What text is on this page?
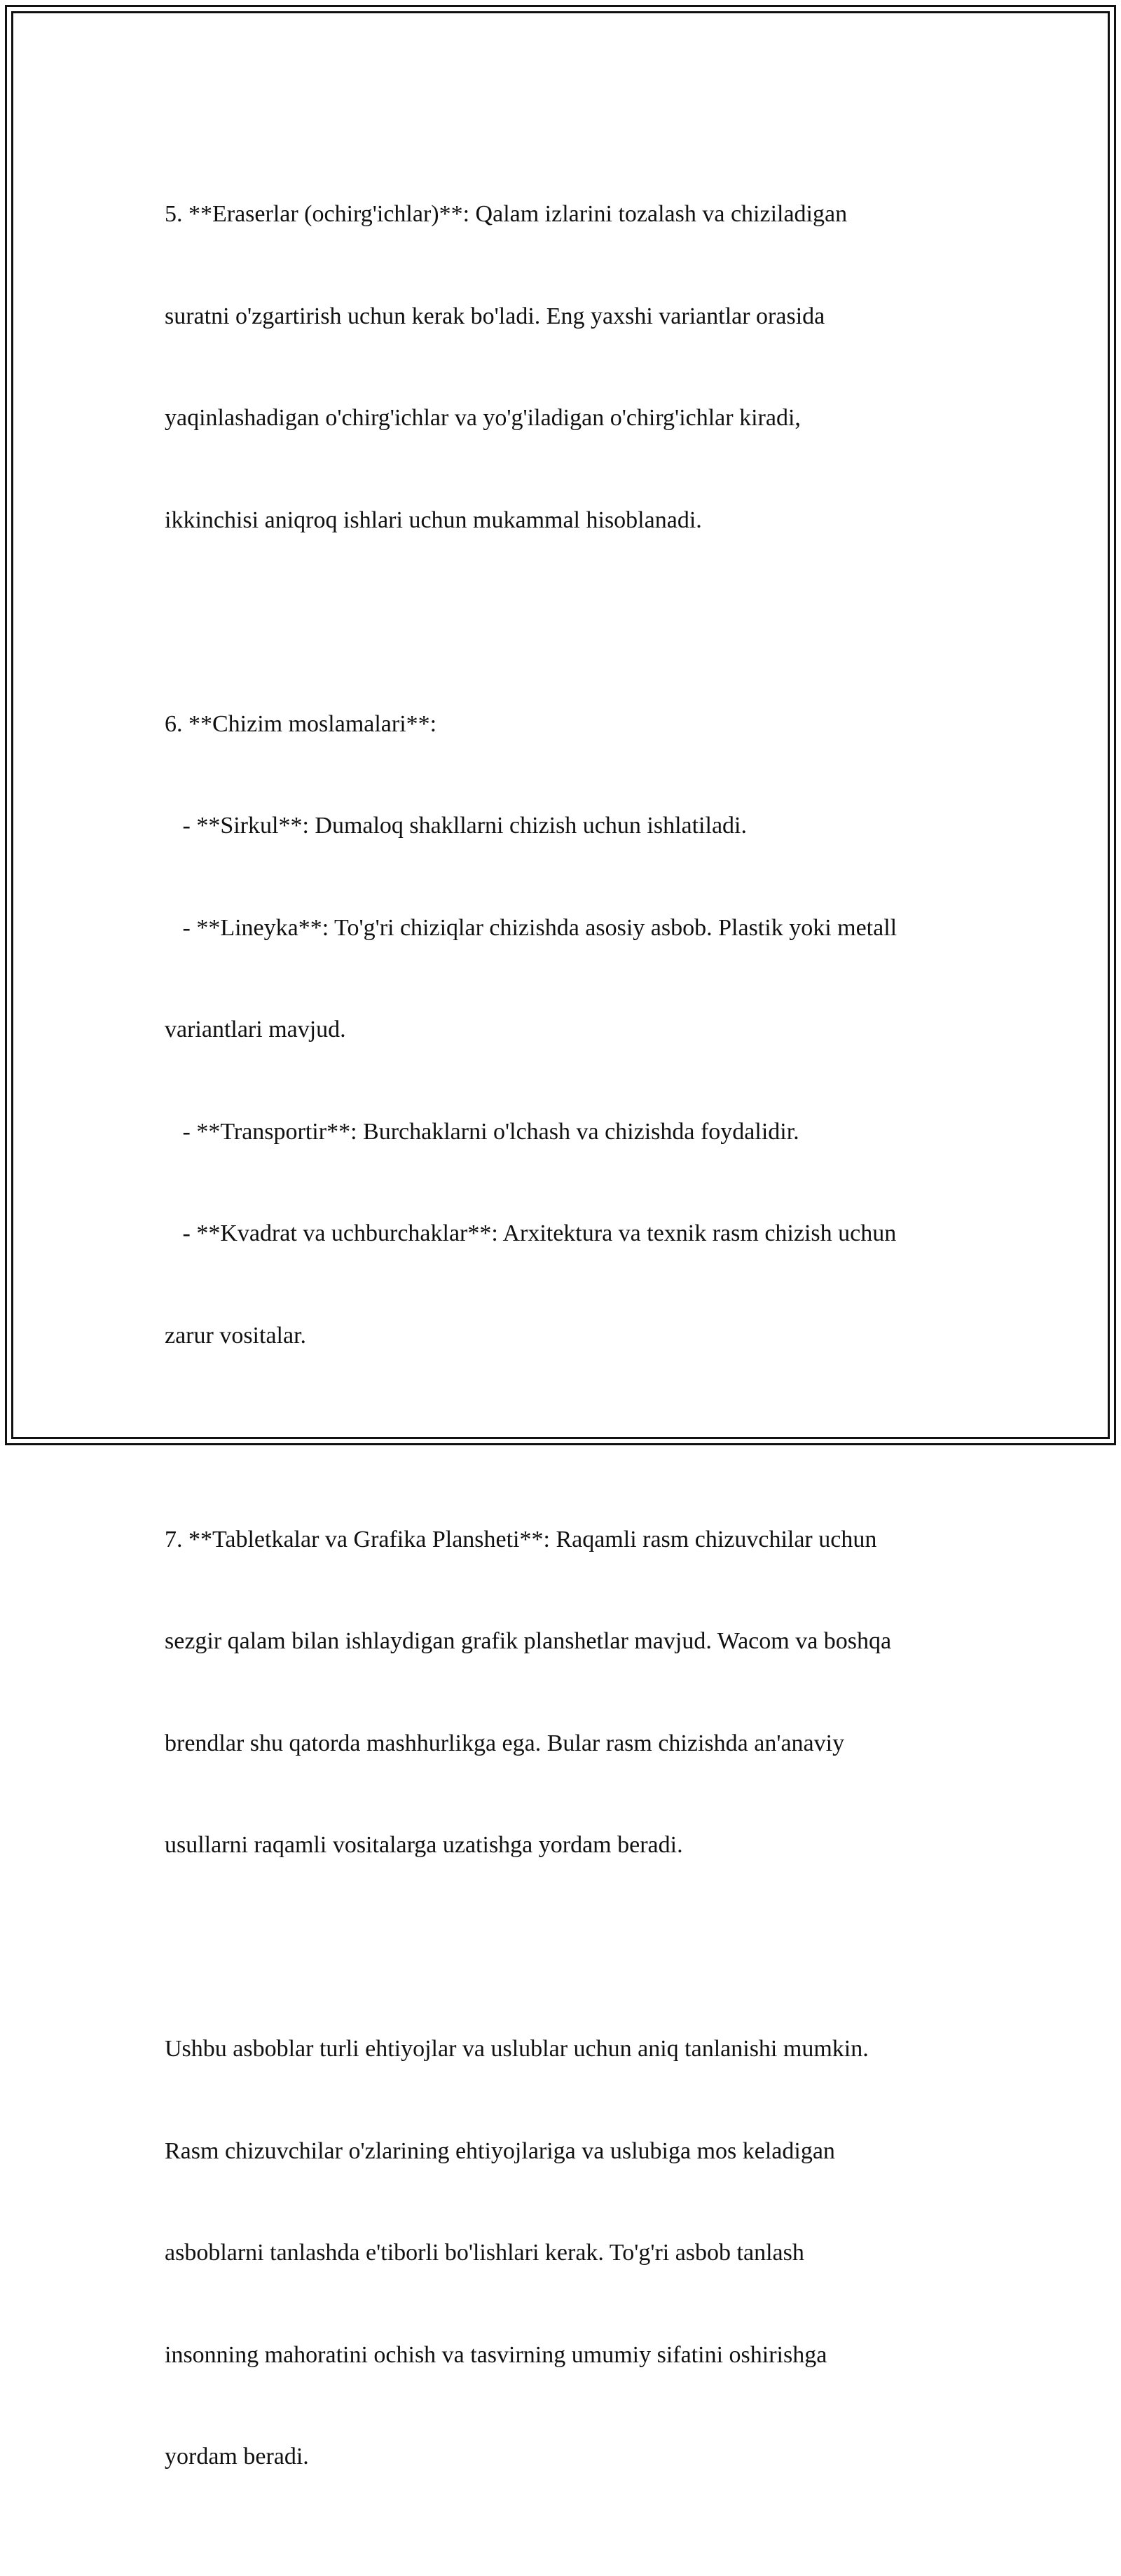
5. **Eraserlar (ochirg'ichlar)**: Qalam izlarini tozalash va chiziladigan

suratni o'zgartirish uchun kerak bo'ladi. Eng yaxshi variantlar orasida

yaqinlashadigan o'chirg'ichlar va yo'g'iladigan o'chirg'ichlar kiradi,

ikkinchisi aniqroq ishlari uchun mukammal hisoblanadi.

6. **Chizim moslamalari**:

- **Sirkul**: Dumaloq shakllarni chizish uchun ishlatiladi.

- **Lineyka**: To'g'ri chiziqlar chizishda asosiy asbob. Plastik yoki metall

variantlari mavjud.

- **Transportir**: Burchaklarni o'lchash va chizishda foydalidir.

- **Kvadrat va uchburchaklar**: Arxitektura va texnik rasm chizish uchun

zarur vositalar.

7. **Tabletkalar va Grafika Plansheti**: Raqamli rasm chizuvchilar uchun

sezgir qalam bilan ishlaydigan grafik planshetlar mavjud. Wacom va boshqa

brendlar shu qatorda mashhurlikga ega. Bular rasm chizishda an'anaviy

usullarni raqamli vositalarga uzatishga yordam beradi.

Ushbu asboblar turli ehtiyojlar va uslublar uchun aniq tanlanishi mumkin.

Rasm chizuvchilar o'zlarining ehtiyojlariga va uslubiga mos keladigan

asboblarni tanlashda e'tiborli bo'lishlari kerak. To'g'ri asbob tanlash

insonning mahoratini ochish va tasvirning umumiy sifatini oshirishga

yordam beradi.
